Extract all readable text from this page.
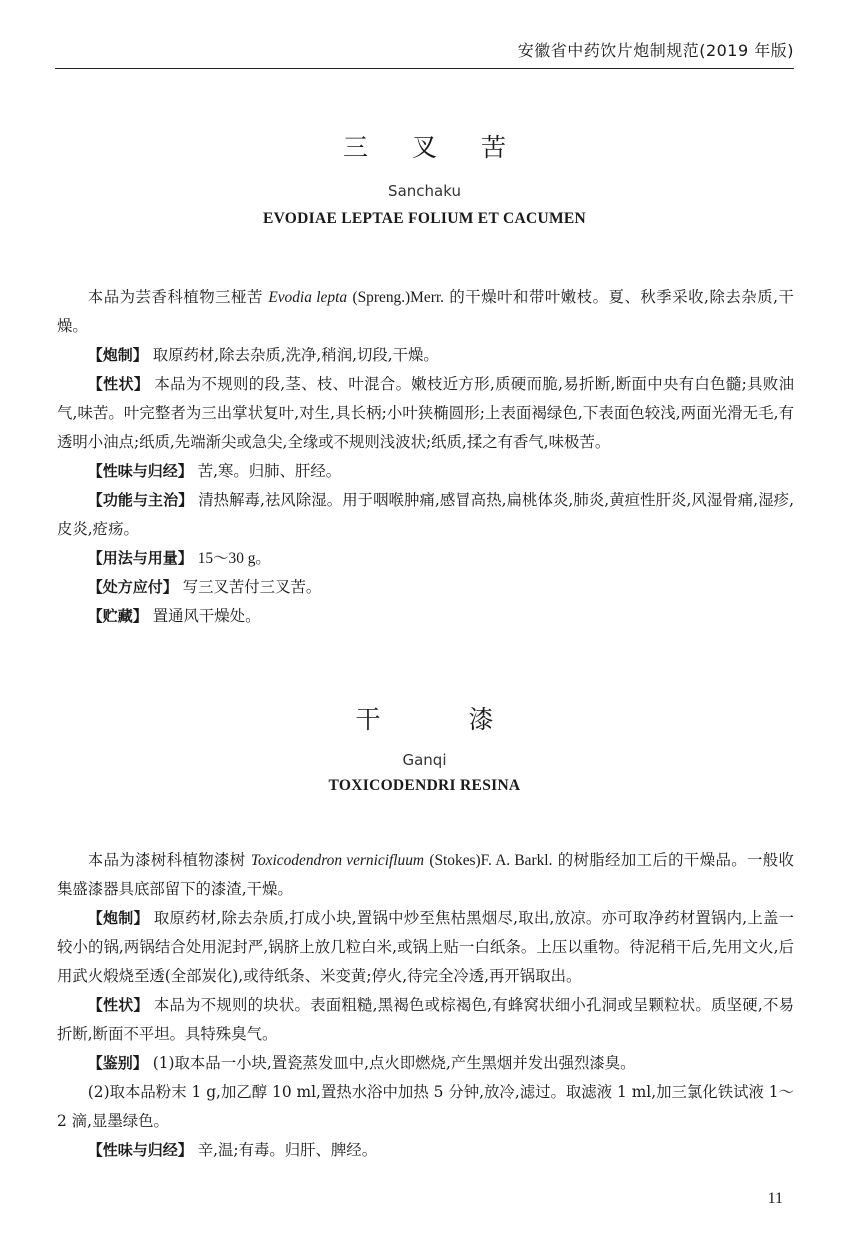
安徽省中药饮片炮制规范(2019 年版)
三 叉 苦
Sanchaku
EVODIAE LEPTAE FOLIUM ET CACUMEN

本品为芸香科植物三桠苦 Evodia lepta (Spreng.)Merr. 的干燥叶和带叶嫩枝。夏、秋季采收,除去杂质,干燥。

【炮制】 取原药材,除去杂质,洗净,稍润,切段,干燥。

【性状】 本品为不规则的段,茎、枝、叶混合。嫩枝近方形,质硬而脆,易折断,断面中央有白色髓;具败油气,味苦。叶完整者为三出掌状复叶,对生,具长柄;小叶狭椭圆形;上表面褐绿色,下表面色较浅,两面光滑无毛,有透明小油点;纸质,先端渐尖或急尖,全缘或不规则浅波状;纸质,揉之有香气,味极苦。

【性味与归经】 苦,寒。归肺、肝经。

【功能与主治】 清热解毒,祛风除湿。用于咽喉肿痛,感冒高热,扁桃体炎,肺炎,黄疸性肝炎,风湿骨痛,湿疹,皮炎,疮疡。

【用法与用量】 15～30 g。

【处方应付】 写三叉苦付三叉苦。

【贮藏】 置通风干燥处。

干 漆
Ganqi
TOXICODENDRI RESINA

本品为漆树科植物漆树 Toxicodendron vernicifluum (Stokes)F. A. Barkl. 的树脂经加工后的干燥品。一般收集盛漆器具底部留下的漆渣,干燥。

【炮制】 取原药材,除去杂质,打成小块,置锅中炒至焦枯黑烟尽,取出,放凉。亦可取净药材置锅内,上盖一较小的锅,两锅结合处用泥封严,锅脐上放几粒白米,或锅上贴一白纸条。上压以重物。待泥稍干后,先用文火,后用武火煅烧至透(全部炭化),或待纸条、米变黄;停火,待完全冷透,再开锅取出。

【性状】 本品为不规则的块状。表面粗糙,黑褐色或棕褐色,有蜂窝状细小孔洞或呈颗粒状。质坚硬,不易折断,断面不平坦。具特殊臭气。

【鉴别】 (1)取本品一小块,置瓷蒸发皿中,点火即燃烧,产生黑烟并发出强烈漆臭。

(2)取本品粉末 1 g,加乙醇 10 ml,置热水浴中加热 5 分钟,放冷,滤过。取滤液 1 ml,加三氯化铁试液 1～2 滴,显墨绿色。

【性味与归经】 辛,温;有毒。归肝、脾经。

11
